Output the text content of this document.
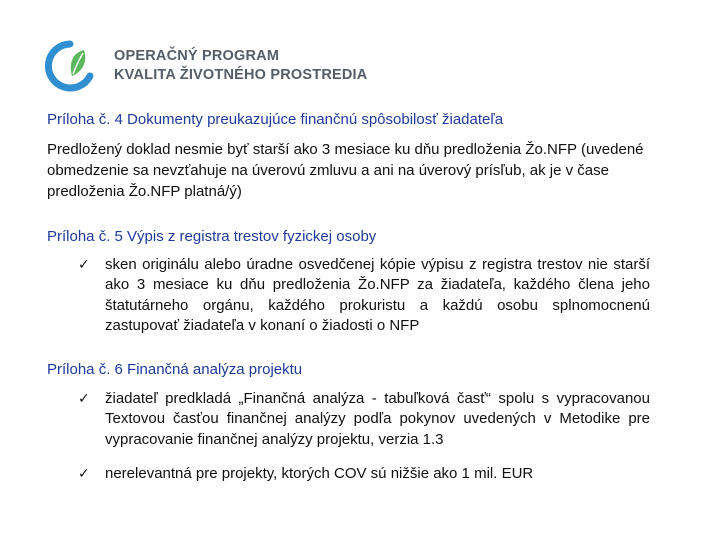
OPERAČNÝ PROGRAM
KVALITA ŽIVOTNÉHO PROSTREDIA
Príloha č. 4 Dokumenty preukazujúce finančnú spôsobilosť žiadateľa
Predložený doklad nesmie byť starší ako 3 mesiace ku dňu predloženia Žo.NFP (uvedené obmedzenie sa nevzťahuje na úverovú zmluvu a ani na úverový prísľub, ak je v čase predloženia Žo.NFP platná/ý)
Príloha č. 5 Výpis z registra trestov fyzickej osoby
✓ sken originálu alebo úradne osvedčenej kópie výpisu z registra trestov nie starší ako 3 mesiace ku dňu predloženia Žo.NFP za žiadateľa, každého člena jeho štatutárneho orgánu, každého prokuristu a každú osobu splnomocnenú zastupovať žiadateľa v konaní o žiadosti o NFP
Príloha č. 6 Finančná analýza projektu
✓ žiadateľ predkladá „Finančná analýza - tabuľková časť“ spolu s vypracovanou Textovou časťou finančnej analýzy podľa pokynov uvedených v Metodike pre vypracovanie finančnej analýzy projektu, verzia 1.3
✓ nerelevantná pre projekty, ktorých COV sú nižšie ako 1 mil. EUR
